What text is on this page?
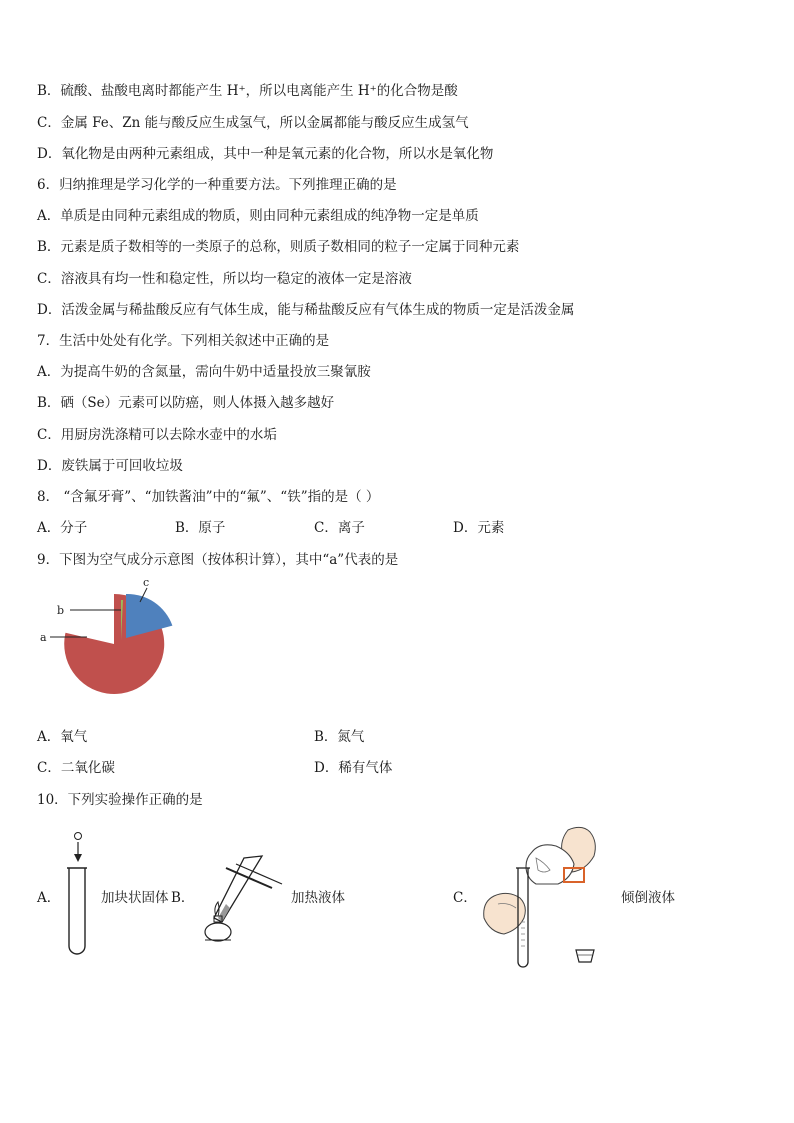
B．硫酸、盐酸电离时都能产生 H⁺，所以电离能产生 H⁺的化合物是酸
C．金属 Fe、Zn 能与酸反应生成氢气，所以金属都能与酸反应生成氢气
D．氧化物是由两种元素组成，其中一种是氧元素的化合物，所以水是氧化物
6．归纳推理是学习化学的一种重要方法。下列推理正确的是
A．单质是由同种元素组成的物质，则由同种元素组成的纯净物一定是单质
B．元素是质子数相等的一类原子的总称，则质子数相同的粒子一定属于同种元素
C．溶液具有均一性和稳定性，所以均一稳定的液体一定是溶液
D．活泼金属与稀盐酸反应有气体生成，能与稀盐酸反应有气体生成的物质一定是活泼金属
7．生活中处处有化学。下列相关叙述中正确的是
A．为提高牛奶的含氮量，需向牛奶中适量投放三聚氰胺
B．硒（Se）元素可以防癌，则人体摄入越多越好
C．用厨房洗涤精可以去除水壶中的水垢
D．废铁属于可回收垃圾
8． “含氟牙膏”、“加铁酱油”中的“氟”、“铁”指的是（ ）
A．分子	B．原子	C．离子	D．元素
9．下图为空气成分示意图（按体积计算），其中“a”代表的是
a
b
c
A．氧气	B．氮气
C．二氧化碳	D．稀有气体
10．下列实验操作正确的是
A．	加块状固体 B．	加热液体	C．	倾倒液体
